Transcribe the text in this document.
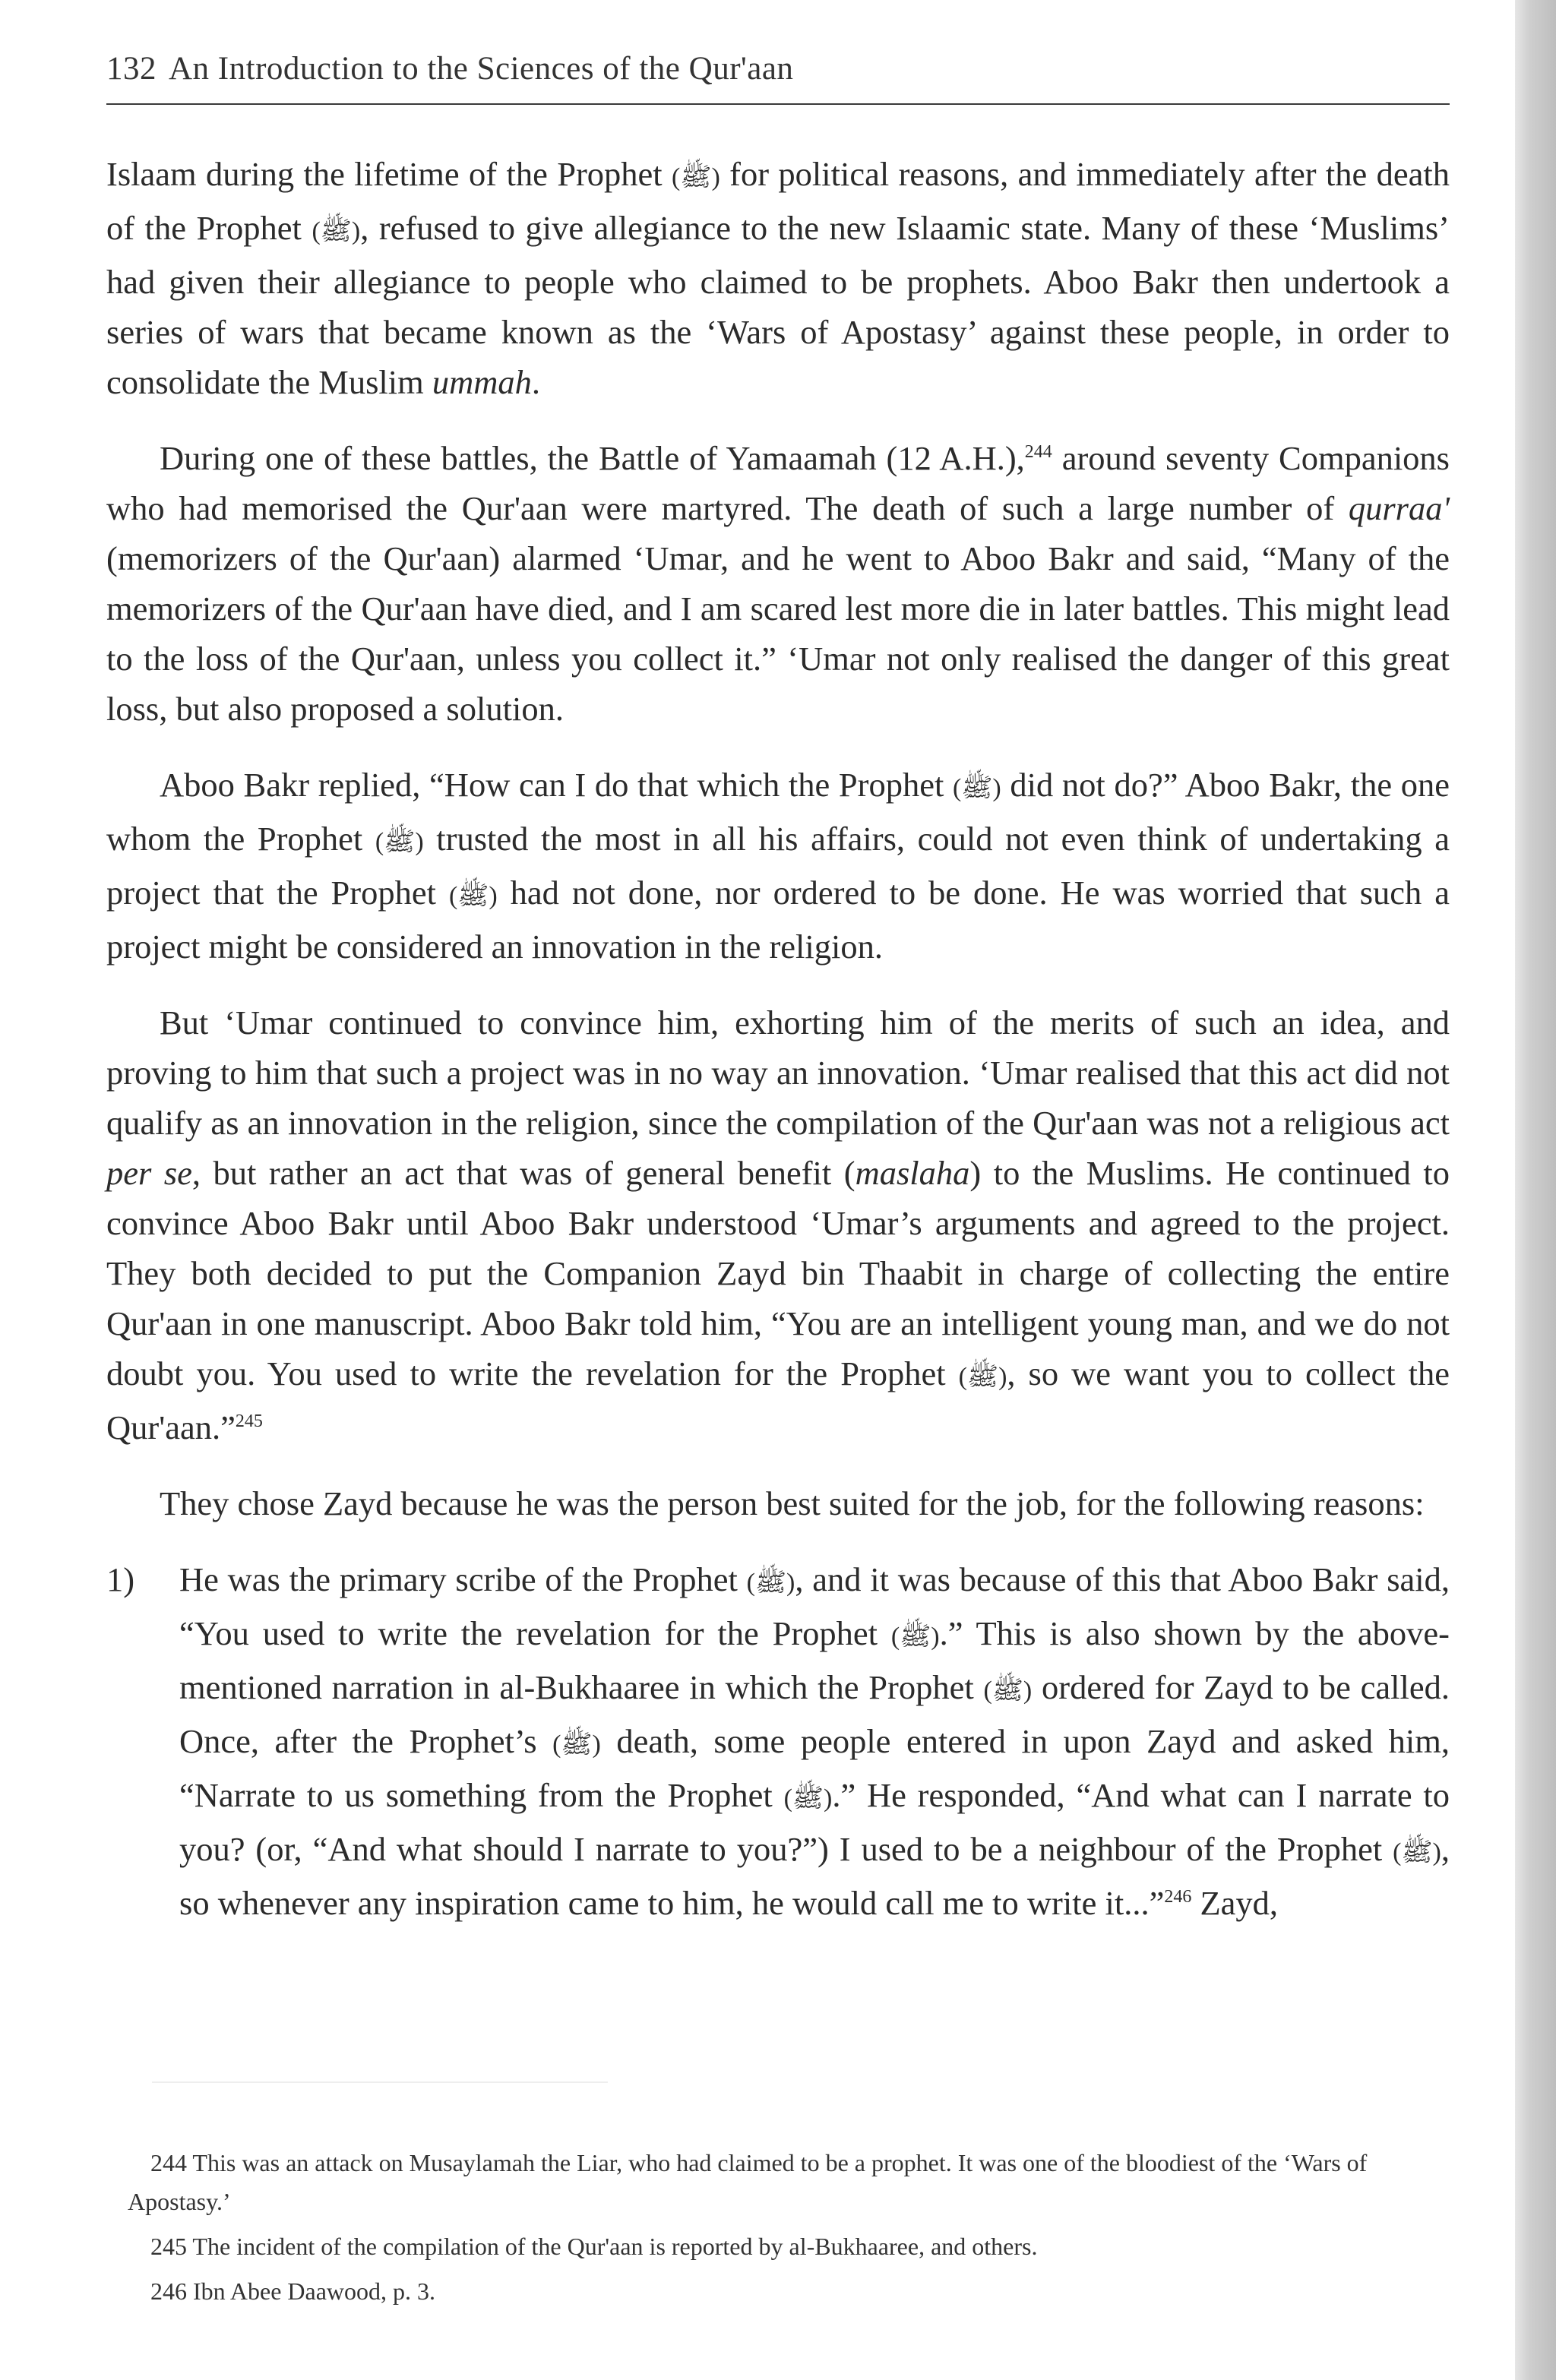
132 An Introduction to the Sciences of the Qur'aan

Islaam during the lifetime of the Prophet (ﷺ) for political reasons, and immediately after the death of the Prophet (ﷺ), refused to give allegiance to the new Islaamic state. Many of these ‘Muslims’ had given their allegiance to people who claimed to be prophets. Aboo Bakr then undertook a series of wars that became known as the ‘Wars of Apostasy’ against these people, in order to consolidate the Muslim ummah.

During one of these battles, the Battle of Yamaamah (12 A.H.),$^{244}$ around seventy Companions who had memorised the Qur'aan were martyred. The death of such a large number of qurraa' (memorizers of the Qur'aan) alarmed ‘Umar, and he went to Aboo Bakr and said, “Many of the memorizers of the Qur'aan have died, and I am scared lest more die in later battles. This might lead to the loss of the Qur'aan, unless you collect it.” ‘Umar not only realised the danger of this great loss, but also proposed a solution.

Aboo Bakr replied, “How can I do that which the Prophet (ﷺ) did not do?” Aboo Bakr, the one whom the Prophet (ﷺ) trusted the most in all his affairs, could not even think of undertaking a project that the Prophet (ﷺ) had not done, nor ordered to be done. He was worried that such a project might be considered an innovation in the religion.

But ‘Umar continued to convince him, exhorting him of the merits of such an idea, and proving to him that such a project was in no way an innovation. ‘Umar realised that this act did not qualify as an innovation in the religion, since the compilation of the Qur'aan was not a religious act per se, but rather an act that was of general benefit (maslaha) to the Muslims. He continued to convince Aboo Bakr until Aboo Bakr understood ‘Umar’s arguments and agreed to the project. They both decided to put the Companion Zayd bin Thaabit in charge of collecting the entire Qur'aan in one manuscript. Aboo Bakr told him, “You are an intelligent young man, and we do not doubt you. You used to write the revelation for the Prophet (ﷺ), so we want you to collect the Qur'aan.”$^{245}$

They chose Zayd because he was the person best suited for the job, for the following reasons:

1) He was the primary scribe of the Prophet (ﷺ), and it was because of this that Aboo Bakr said, “You used to write the revelation for the Prophet (ﷺ).” This is also shown by the above-mentioned narration in al-Bukhaaree in which the Prophet (ﷺ) ordered for Zayd to be called. Once, after the Prophet’s (ﷺ) death, some people entered in upon Zayd and asked him, “Narrate to us something from the Prophet (ﷺ).” He responded, “And what can I narrate to you? (or, “And what should I narrate to you?”) I used to be a neighbour of the Prophet (ﷺ), so whenever any inspiration came to him, he would call me to write it...”$^{246}$ Zayd,

244 This was an attack on Musaylamah the Liar, who had claimed to be a prophet. It was one of the bloodiest of the ‘Wars of Apostasy.’

245 The incident of the compilation of the Qur'aan is reported by al-Bukhaaree, and others.

246 Ibn Abee Daawood, p. 3.
